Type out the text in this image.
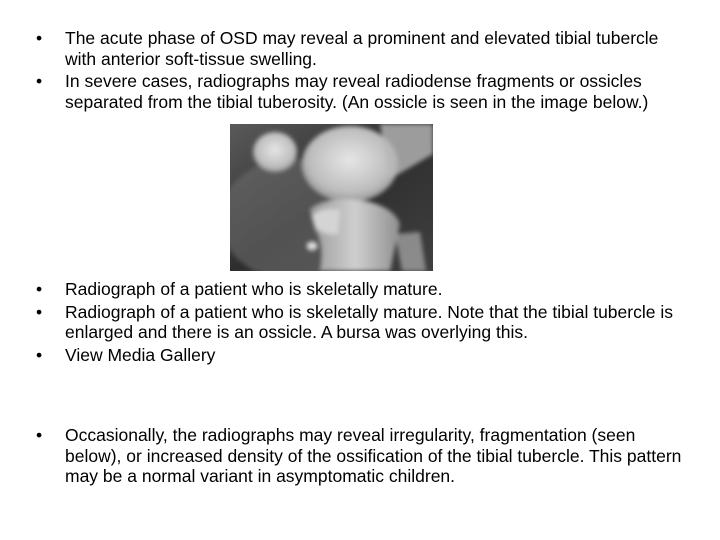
•	The acute phase of OSD may reveal a prominent and elevated tibial tubercle with anterior soft-tissue swelling.
•	In severe cases, radiographs may reveal radiodense fragments or ossicles separated from the tibial tuberosity. (An ossicle is seen in the image below.)
•	Radiograph of a patient who is skeletally mature.
•	Radiograph of a patient who is skeletally mature. Note that the tibial tubercle is enlarged and there is an ossicle. A bursa was overlying this.
•	View Media Gallery
•	Occasionally, the radiographs may reveal irregularity, fragmentation (seen below), or increased density of the ossification of the tibial tubercle. This pattern may be a normal variant in asymptomatic children.
